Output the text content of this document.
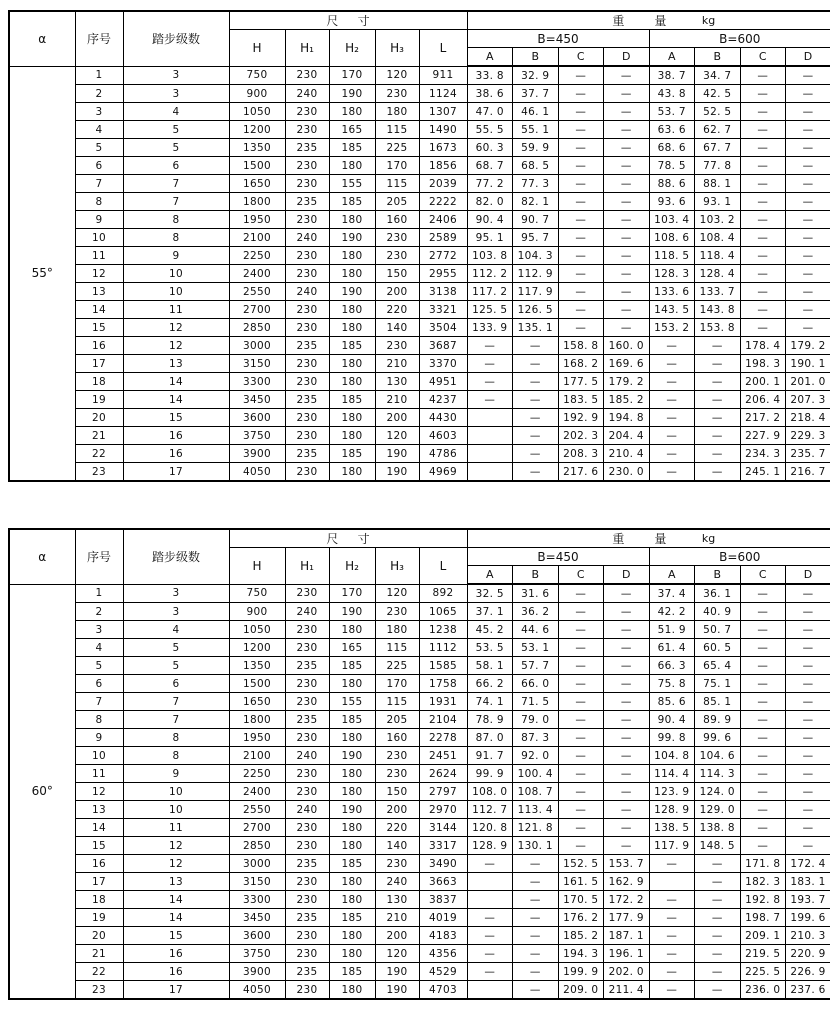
α	序号	踏步级数	尺寸					重量 kg							

			H	H₁	H₂	H₃	L	B=450				B=600			
								A	B	C	D	A	B	C	D
55°	1	3	750	230	170	120	911	33. 8	32. 9	—	—	38. 7	34. 7	—	—
	2	3	900	240	190	230	1124	38. 6	37. 7	—	—	43. 8	42. 5	—	—
	3	4	1050	230	180	180	1307	47. 0	46. 1	—	—	53. 7	52. 5	—	—
	4	5	1200	230	165	115	1490	55. 5	55. 1	—	—	63. 6	62. 7	—	—
	5	5	1350	235	185	225	1673	60. 3	59. 9	—	—	68. 6	67. 7	—	—
	6	6	1500	230	180	170	1856	68. 7	68. 5	—	—	78. 5	77. 8	—	—
	7	7	1650	230	155	115	2039	77. 2	77. 3	—	—	88. 6	88. 1	—	—
	8	7	1800	235	185	205	2222	82. 0	82. 1	—	—	93. 6	93. 1	—	—
	9	8	1950	230	180	160	2406	90. 4	90. 7	—	—	103. 4	103. 2	—	—
	10	8	2100	240	190	230	2589	95. 1	95. 7	—	—	108. 6	108. 4	—	—
	11	9	2250	230	180	230	2772	103. 8	104. 3	—	—	118. 5	118. 4	—	—
	12	10	2400	230	180	150	2955	112. 2	112. 9	—	—	128. 3	128. 4	—	—
	13	10	2550	240	190	200	3138	117. 2	117. 9	—	—	133. 6	133. 7	—	—
	14	11	2700	230	180	220	3321	125. 5	126. 5	—	—	143. 5	143. 8	—	—
	15	12	2850	230	180	140	3504	133. 9	135. 1	—	—	153. 2	153. 8	—	—
	16	12	3000	235	185	230	3687	—	—	158. 8	160. 0	—	—	178. 4	179. 2
	17	13	3150	230	180	210	3370	—	—	168. 2	169. 6	—	—	198. 3	190. 1
	18	14	3300	230	180	130	4951	—	—	177. 5	179. 2	—	—	200. 1	201. 0
	19	14	3450	235	185	210	4237	—	—	183. 5	185. 2	—	—	206. 4	207. 3
	20	15	3600	230	180	200	4430		—	192. 9	194. 8	—	—	217. 2	218. 4
	21	16	3750	230	180	120	4603		—	202. 3	204. 4	—	—	227. 9	229. 3
	22	16	3900	235	185	190	4786		—	208. 3	210. 4	—	—	234. 3	235. 7
	23	17	4050	230	180	190	4969		—	217. 6	230. 0	—	—	245. 1	216. 7
α	序号	踏步级数	尺寸					重量 kg							

			H	H₁	H₂	H₃	L	B=450				B=600			
								A	B	C	D	A	B	C	D
60°	1	3	750	230	170	120	892	32. 5	31. 6	—	—	37. 4	36. 1	—	—
	2	3	900	240	190	230	1065	37. 1	36. 2	—	—	42. 2	40. 9	—	—
	3	4	1050	230	180	180	1238	45. 2	44. 6	—	—	51. 9	50. 7	—	—
	4	5	1200	230	165	115	1112	53. 5	53. 1	—	—	61. 4	60. 5	—	—
	5	5	1350	235	185	225	1585	58. 1	57. 7	—	—	66. 3	65. 4	—	—
	6	6	1500	230	180	170	1758	66. 2	66. 0	—	—	75. 8	75. 1	—	—
	7	7	1650	230	155	115	1931	74. 1	71. 5	—	—	85. 6	85. 1	—	—
	8	7	1800	235	185	205	2104	78. 9	79. 0	—	—	90. 4	89. 9	—	—
	9	8	1950	230	180	160	2278	87. 0	87. 3	—	—	99. 8	99. 6	—	—
	10	8	2100	240	190	230	2451	91. 7	92. 0	—	—	104. 8	104. 6	—	—
	11	9	2250	230	180	230	2624	99. 9	100. 4	—	—	114. 4	114. 3	—	—
	12	10	2400	230	180	150	2797	108. 0	108. 7	—	—	123. 9	124. 0	—	—
	13	10	2550	240	190	200	2970	112. 7	113. 4	—	—	128. 9	129. 0	—	—
	14	11	2700	230	180	220	3144	120. 8	121. 8	—	—	138. 5	138. 8	—	—
	15	12	2850	230	180	140	3317	128. 9	130. 1	—	—	117. 9	148. 5	—	—
	16	12	3000	235	185	230	3490	—	—	152. 5	153. 7	—	—	171. 8	172. 4
	17	13	3150	230	180	240	3663		—	161. 5	162. 9		—	182. 3	183. 1
	18	14	3300	230	180	130	3837		—	170. 5	172. 2	—	—	192. 8	193. 7
	19	14	3450	235	185	210	4019	—	—	176. 2	177. 9	—	—	198. 7	199. 6
	20	15	3600	230	180	200	4183	—	—	185. 2	187. 1	—	—	209. 1	210. 3
	21	16	3750	230	180	120	4356	—	—	194. 3	196. 1	—	—	219. 5	220. 9
	22	16	3900	235	185	190	4529	—	—	199. 9	202. 0	—	—	225. 5	226. 9
	23	17	4050	230	180	190	4703		—	209. 0	211. 4	—	—	236. 0	237. 6
